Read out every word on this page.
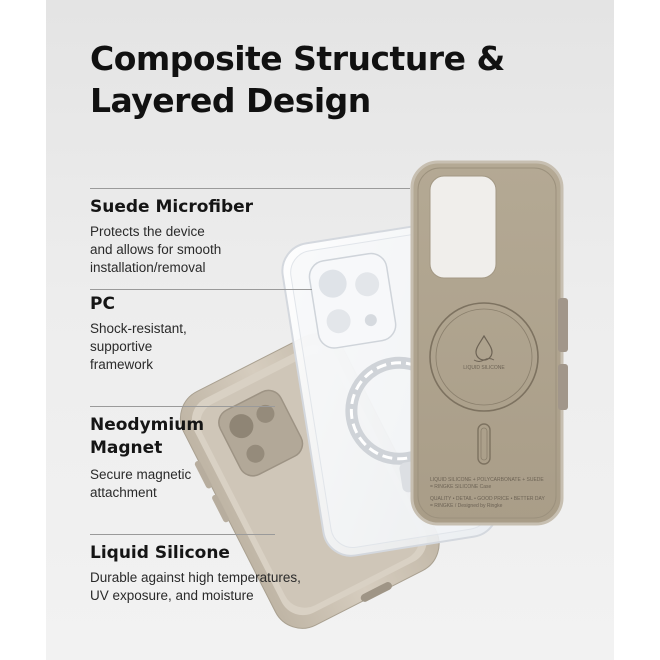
LIQUID SILICONE
LIQUID SILICONE + POLYCARBONATE + SUEDE
= RINGKE SILICONE Case
QUALITY • DETAIL • GOOD PRICE • BETTER DAY
= RINGKE / Designed by Ringke
Composite Structure &
Layered Design
Suede Microfiber

Protects the device
and allows for smooth
installation/removal

PC

Shock-resistant,
supportive
framework

Neodymium
Magnet

Secure magnetic
attachment

Liquid Silicone

Durable against high temperatures,
UV exposure, and moisture
